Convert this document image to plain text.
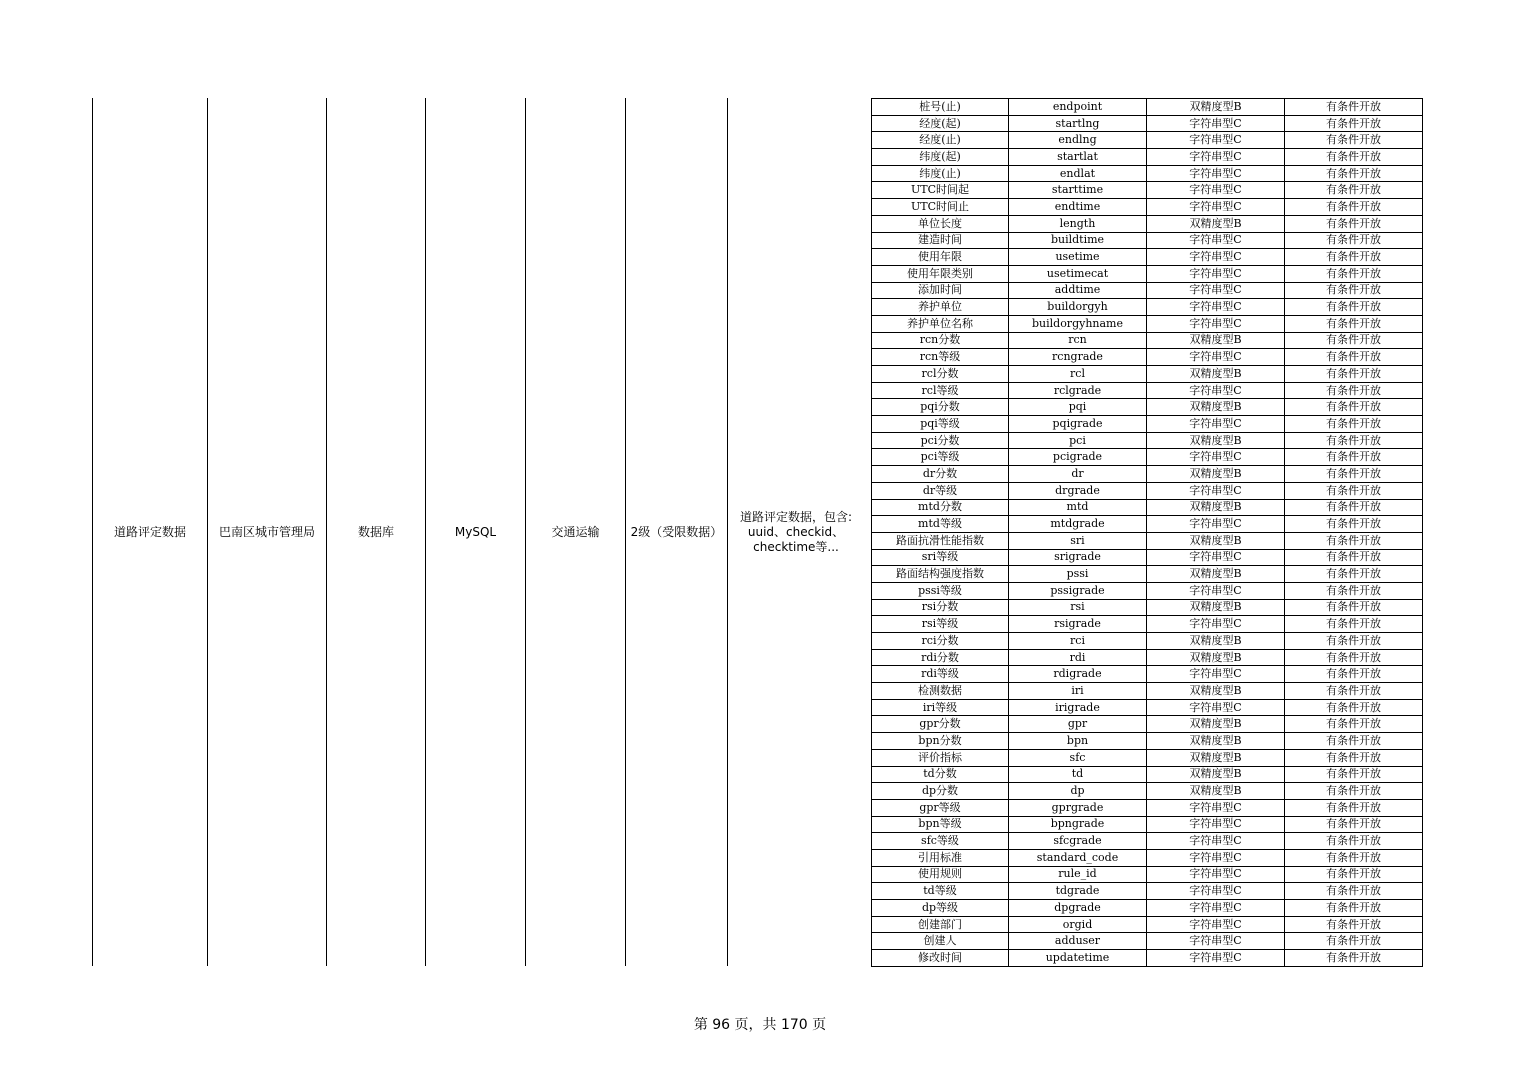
道路评定数据	巴南区城市管理局	数据库	MySQL	交通运输	2级（受限数据）
道路评定数据，包含:
uuid、checkid、
checktime等...
桩号(止)	endpoint	双精度型B	有条件开放
经度(起)	startlng	字符串型C	有条件开放
经度(止)	endlng	字符串型C	有条件开放
纬度(起)	startlat	字符串型C	有条件开放
纬度(止)	endlat	字符串型C	有条件开放
UTC时间起	starttime	字符串型C	有条件开放
UTC时间止	endtime	字符串型C	有条件开放
单位长度	length	双精度型B	有条件开放
建造时间	buildtime	字符串型C	有条件开放
使用年限	usetime	字符串型C	有条件开放
使用年限类别	usetimecat	字符串型C	有条件开放
添加时间	addtime	字符串型C	有条件开放
养护单位	buildorgyh	字符串型C	有条件开放
养护单位名称	buildorgyhname	字符串型C	有条件开放
rcn分数	rcn	双精度型B	有条件开放
rcn等级	rcngrade	字符串型C	有条件开放
rcl分数	rcl	双精度型B	有条件开放
rcl等级	rclgrade	字符串型C	有条件开放
pqi分数	pqi	双精度型B	有条件开放
pqi等级	pqigrade	字符串型C	有条件开放
pci分数	pci	双精度型B	有条件开放
pci等级	pcigrade	字符串型C	有条件开放
dr分数	dr	双精度型B	有条件开放
dr等级	drgrade	字符串型C	有条件开放
mtd分数	mtd	双精度型B	有条件开放
mtd等级	mtdgrade	字符串型C	有条件开放
路面抗滑性能指数	sri	双精度型B	有条件开放
sri等级	srigrade	字符串型C	有条件开放
路面结构强度指数	pssi	双精度型B	有条件开放
pssi等级	pssigrade	字符串型C	有条件开放
rsi分数	rsi	双精度型B	有条件开放
rsi等级	rsigrade	字符串型C	有条件开放
rci分数	rci	双精度型B	有条件开放
rdi分数	rdi	双精度型B	有条件开放
rdi等级	rdigrade	字符串型C	有条件开放
检测数据	iri	双精度型B	有条件开放
iri等级	irigrade	字符串型C	有条件开放
gpr分数	gpr	双精度型B	有条件开放
bpn分数	bpn	双精度型B	有条件开放
评价指标	sfc	双精度型B	有条件开放
td分数	td	双精度型B	有条件开放
dp分数	dp	双精度型B	有条件开放
gpr等级	gprgrade	字符串型C	有条件开放
bpn等级	bpngrade	字符串型C	有条件开放
sfc等级	sfcgrade	字符串型C	有条件开放
引用标准	standard_code	字符串型C	有条件开放
使用规则	rule_id	字符串型C	有条件开放
td等级	tdgrade	字符串型C	有条件开放
dp等级	dpgrade	字符串型C	有条件开放
创建部门	orgid	字符串型C	有条件开放
创建人	adduser	字符串型C	有条件开放
修改时间	updatetime	字符串型C	有条件开放
第 96 页，共 170 页
